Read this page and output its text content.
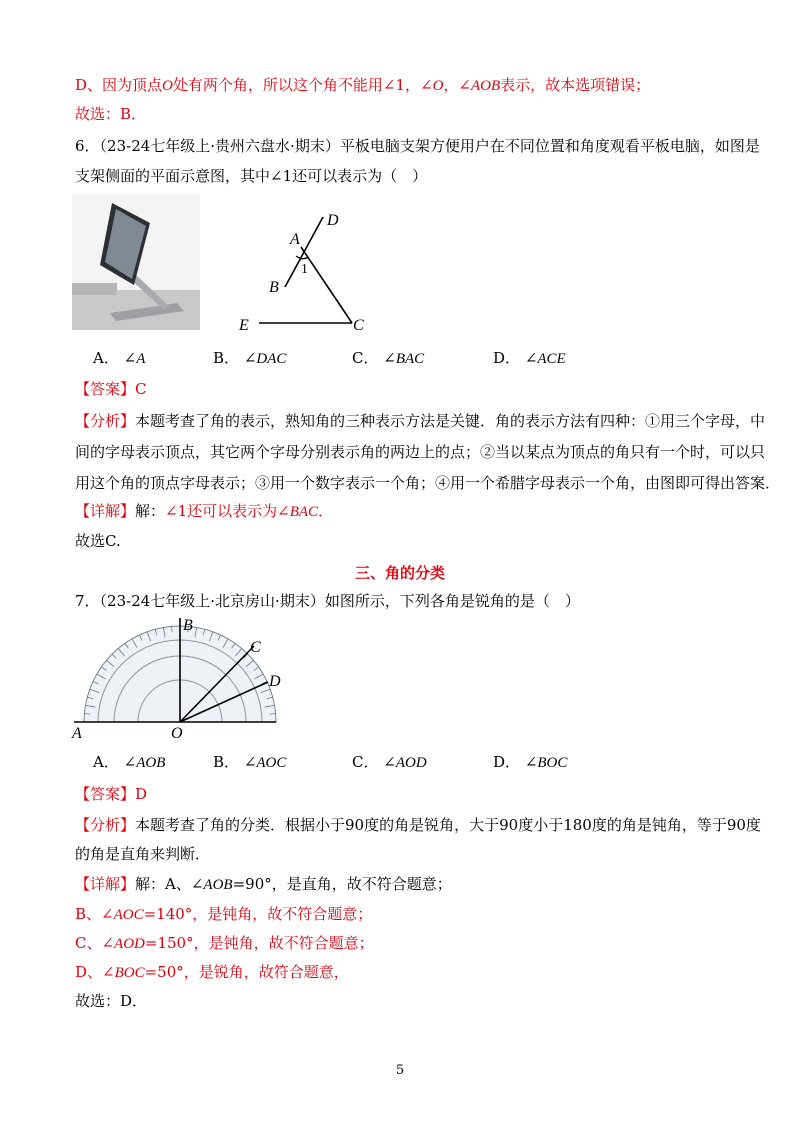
D、因为顶点O处有两个角，所以这个角不能用∠1，∠O，∠AOB表示，故本选项错误；
故选：B．
6．（23-24七年级上·贵州六盘水·期末）平板电脑支架方便用户在不同位置和角度观看平板电脑，如图是
支架侧面的平面示意图，其中∠1还可以表示为（　）
D
A
B
C
E
1
A． ∠A	B． ∠DAC	C． ∠BAC	D． ∠ACE
【答案】C
【分析】本题考查了角的表示，熟知角的三种表示方法是关键．角的表示方法有四种：①用三个字母，中
间的字母表示顶点，其它两个字母分别表示角的两边上的点；②当以某点为顶点的角只有一个时，可以只
用这个角的顶点字母表示；③用一个数字表示一个角；④用一个希腊字母表示一个角，由图即可得出答案．
【详解】解：∠1还可以表示为∠BAC．
故选C.
三、角的分类
7．（23-24七年级上·北京房山·期末）如图所示，下列各角是锐角的是（　）
B
C
D
A	O
A． ∠AOB	B． ∠AOC	C． ∠AOD	D． ∠BOC
【答案】D
【分析】本题考查了角的分类．根据小于90度的角是锐角，大于90度小于180度的角是钝角，等于90度
的角是直角来判断．
【详解】解：A、∠AOB=90°，是直角，故不符合题意；
B、∠AOC=140°，是钝角，故不符合题意；
C、∠AOD=150°，是钝角，故不符合题意；
D、∠BOC=50°，是锐角，故符合题意，
故选：D．
5
